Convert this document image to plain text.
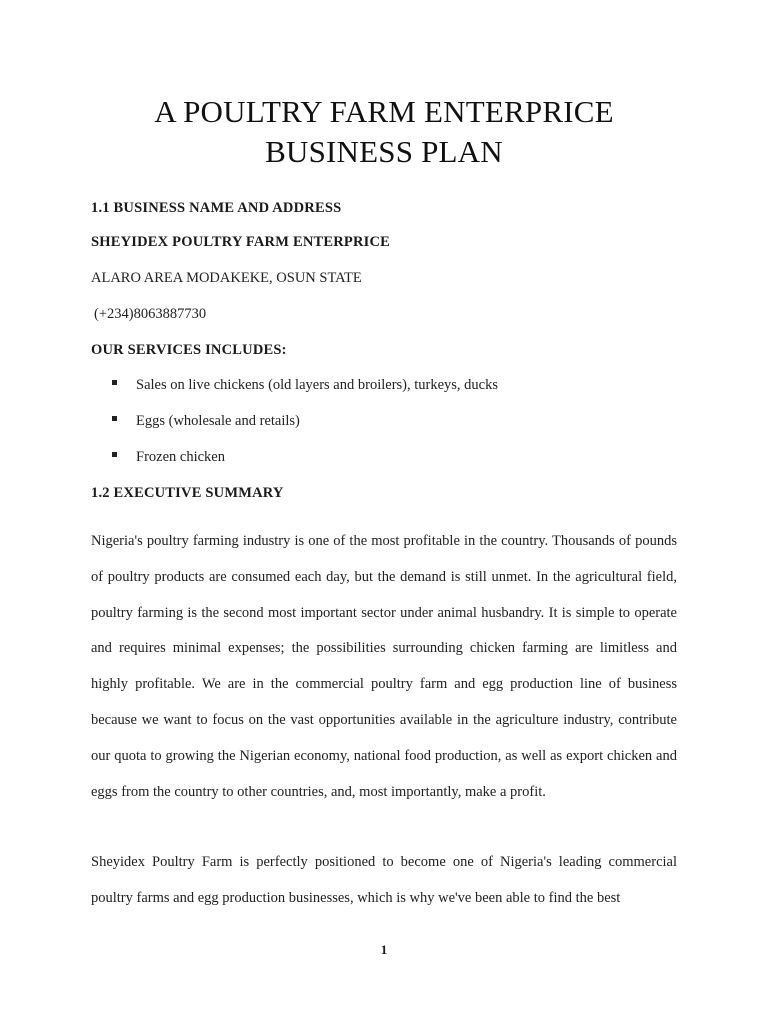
A POULTRY FARM ENTERPRICE
BUSINESS PLAN
1.1 BUSINESS NAME AND ADDRESS
SHEYIDEX POULTRY FARM ENTERPRICE
ALARO AREA MODAKEKE, OSUN STATE
(+234)8063887730
OUR SERVICES INCLUDES:
Sales on live chickens (old layers and broilers), turkeys, ducks
Eggs (wholesale and retails)
Frozen chicken
1.2 EXECUTIVE SUMMARY

Nigeria's poultry farming industry is one of the most profitable in the country. Thousands of pounds of poultry products are consumed each day, but the demand is still unmet. In the agricultural field, poultry farming is the second most important sector under animal husbandry. It is simple to operate and requires minimal expenses; the possibilities surrounding chicken farming are limitless and highly profitable. We are in the commercial poultry farm and egg production line of business because we want to focus on the vast opportunities available in the agriculture industry, contribute our quota to growing the Nigerian economy, national food production, as well as export chicken and eggs from the country to other countries, and, most importantly, make a profit.

Sheyidex Poultry Farm is perfectly positioned to become one of Nigeria's leading commercial poultry farms and egg production businesses, which is why we've been able to find the best

1
